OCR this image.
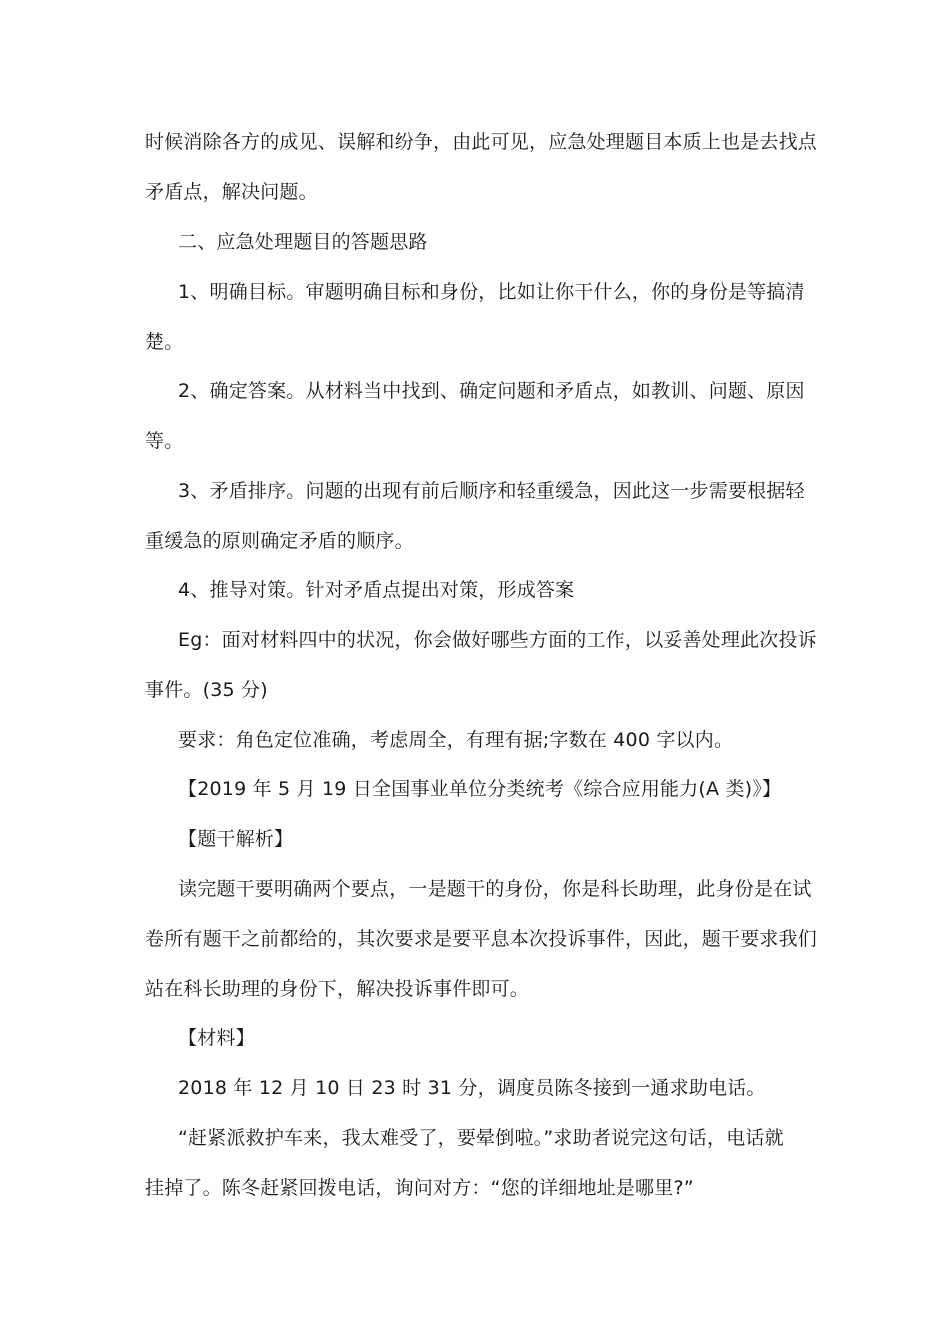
时候消除各方的成见、误解和纷争，由此可见，应急处理题目本质上也是去找点
矛盾点，解决问题。
二、应急处理题目的答题思路
1、明确目标。审题明确目标和身份，比如让你干什么，你的身份是等搞清
楚。
2、确定答案。从材料当中找到、确定问题和矛盾点，如教训、问题、原因
等。
3、矛盾排序。问题的出现有前后顺序和轻重缓急，因此这一步需要根据轻
重缓急的原则确定矛盾的顺序。
4、推导对策。针对矛盾点提出对策，形成答案
Eg：面对材料四中的状况，你会做好哪些方面的工作，以妥善处理此次投诉
事件。(35 分)
要求：角色定位准确，考虑周全，有理有据;字数在 400 字以内。
【2019 年 5 月 19 日全国事业单位分类统考《综合应用能力(A 类)》】
【题干解析】
读完题干要明确两个要点，一是题干的身份，你是科长助理，此身份是在试
卷所有题干之前都给的，其次要求是要平息本次投诉事件，因此，题干要求我们
站在科长助理的身份下，解决投诉事件即可。
【材料】
2018 年 12 月 10 日 23 时 31 分，调度员陈冬接到一通求助电话。
“赶紧派救护车来，我太难受了，要晕倒啦。”求助者说完这句话，电话就
挂掉了。陈冬赶紧回拨电话，询问对方：“您的详细地址是哪里?”
